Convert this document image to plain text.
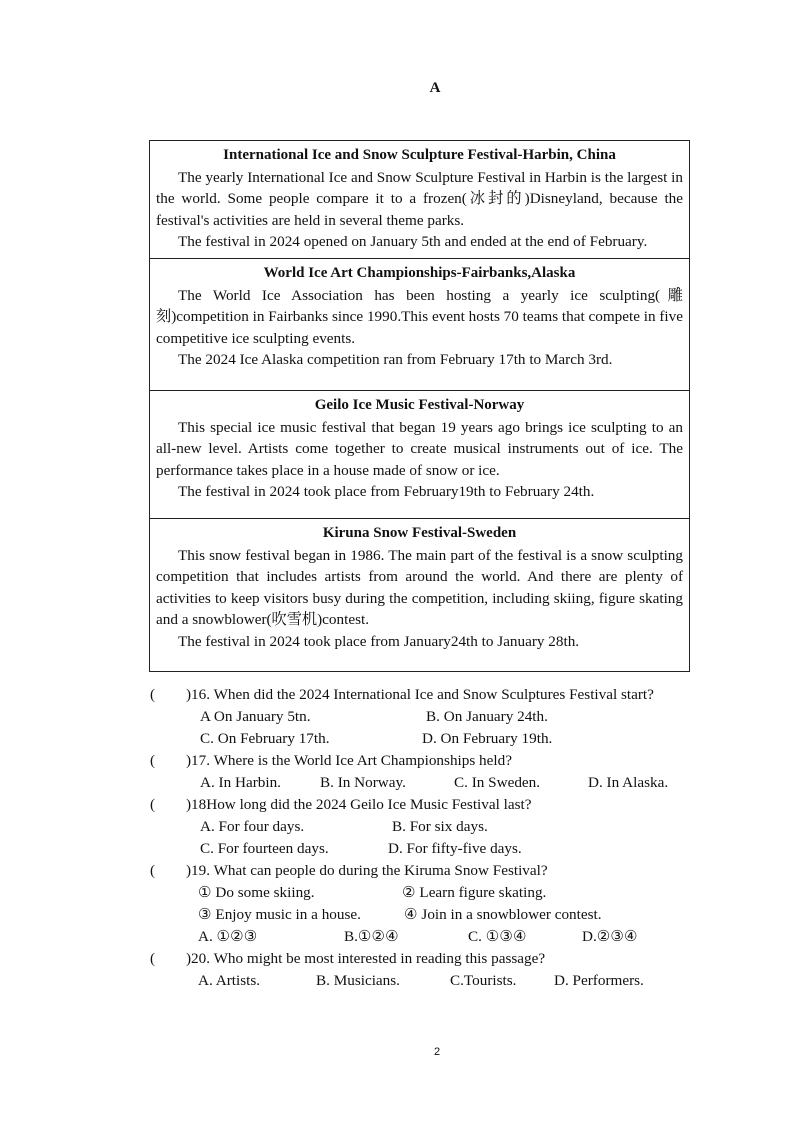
A
International Ice and Snow Sculpture Festival-Harbin, China

The yearly International Ice and Snow Sculpture Festival in Harbin is the largest in the world. Some people compare it to a frozen(冰封的)Disneyland, because the festival's activities are held in several theme parks.

The festival in 2024 opened on January 5th and ended at the end of February.

World Ice Art Championships-Fairbanks,Alaska

The World Ice Association has been hosting a yearly ice sculpting(雕刻)competition in Fairbanks since 1990.This event hosts 70 teams that compete in five competitive ice sculpting events.

The 2024 Ice Alaska competition ran from February 17th to March 3rd.

Geilo Ice Music Festival-Norway

This special ice music festival that began 19 years ago brings ice sculpting to an all-new level. Artists come together to create musical instruments out of ice. The performance takes place in a house made of snow or ice.

The festival in 2024 took place from February19th to February 24th.

Kiruna Snow Festival-Sweden

This snow festival began in 1986. The main part of the festival is a snow sculpting competition that includes artists from around the world. And there are plenty of activities to keep visitors busy during the competition, including skiing, figure skating and a snowblower(吹雪机)contest.

The festival in 2024 took place from January24th to January 28th.

(	)16. When did the 2024 International Ice and Snow Sculptures Festival start?
A On January 5tn.	B. On January 24th.
C. On February 17th.	D. On February 19th.
(	)17. Where is the World Ice Art Championships held?
A. In Harbin.	B. In Norway.	C. In Sweden.	D. In Alaska.
(	)18How long did the 2024 Geilo Ice Music Festival last?
A. For four days.	B. For six days.
C. For fourteen days.	D. For fifty-five days.
(	)19. What can people do during the Kiruma Snow Festival?
① Do some skiing.	② Learn figure skating.
③ Enjoy music in a house.	④ Join in a snowblower contest.
A. ①②③	B.①②④	C. ①③④	D.②③④
(	)20. Who might be most interested in reading this passage?
A. Artists.	B. Musicians.	C.Tourists. D. Performers.
2
